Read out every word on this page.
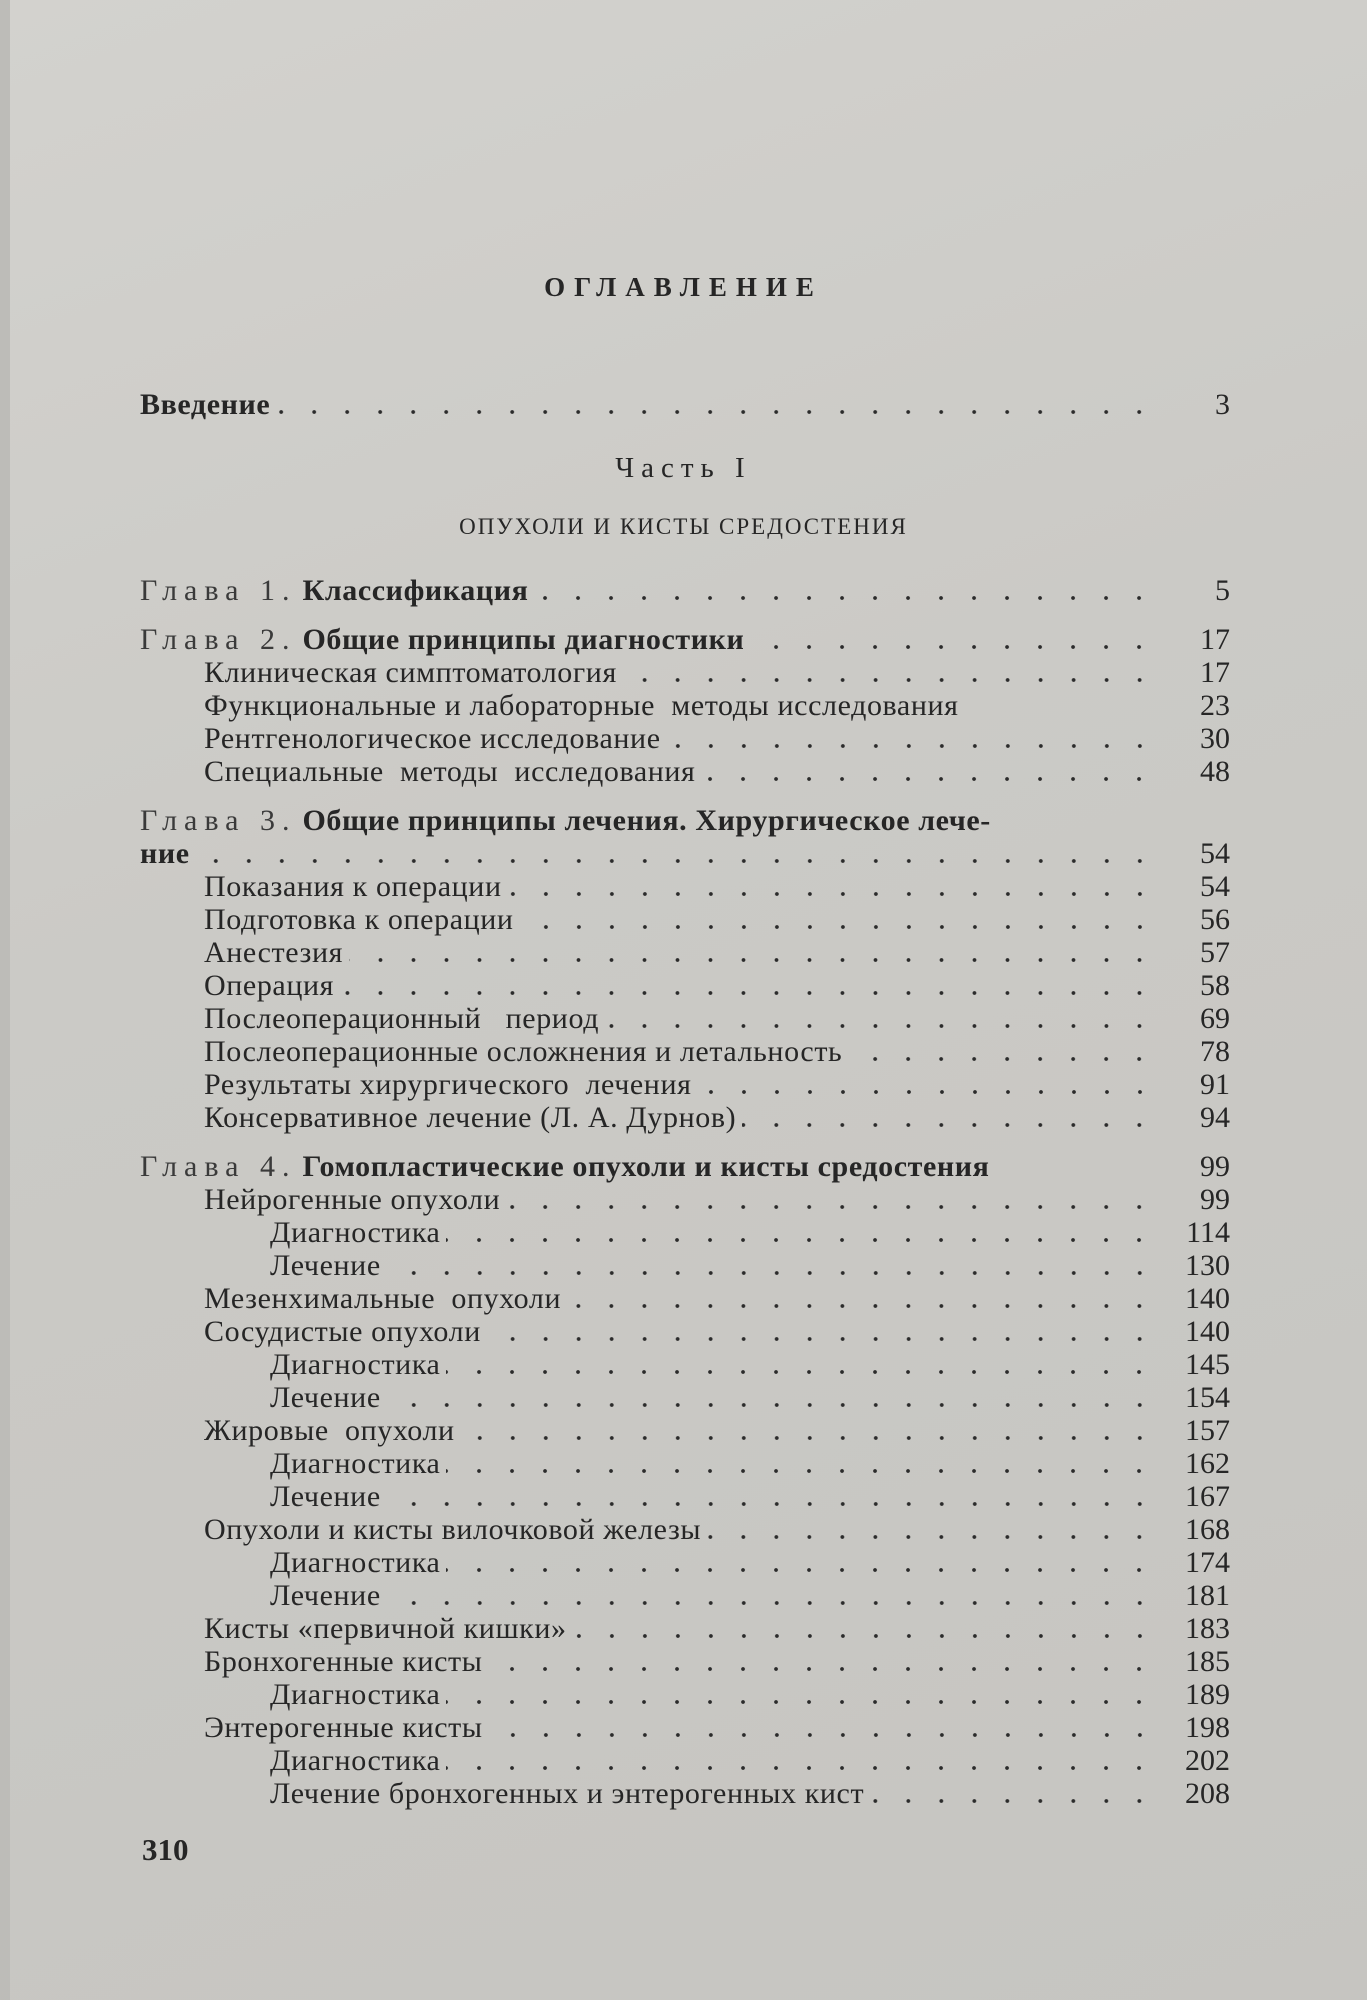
ОГЛАВЛЕНИЕ
Введение	3
Часть I
ОПУХОЛИ И КИСТЫ СРЕДОСТЕНИЯ
Глава 1. Классификация	5
Глава 2. Общие принципы диагностики	17
Клиническая симптоматология	17
Функциональные и лабораторные  методы исследования	23
Рентгенологическое исследование	30
Специальные  методы  исследования	48
Глава 3. Общие принципы лечения. Хирургическое лече-
ние	54
Показания к операции	54
Подготовка к операции	56
Анестезия	57
Операция	58
Послеоперационный   период	69
Послеоперационные осложнения и летальность	78
Результаты хирургического  лечения	91
Консервативное лечение (Л. А. Дурнов)	94
Глава 4. Гомопластические опухоли и кисты средостения	99
Нейрогенные опухоли	99
Диагностика	114
Лечение	130
Мезенхимальные  опухоли	140
Сосудистые опухоли	140
Диагностика	145
Лечение	154
Жировые  опухоли	157
Диагностика	162
Лечение	167
Опухоли и кисты вилочковой железы	168
Диагностика	174
Лечение	181
Кисты «первичной кишки»	183
Бронхогенные кисты	185
Диагностика	189
Энтерогенные кисты	198
Диагностика	202
Лечение бронхогенных и энтерогенных кист	208
310
